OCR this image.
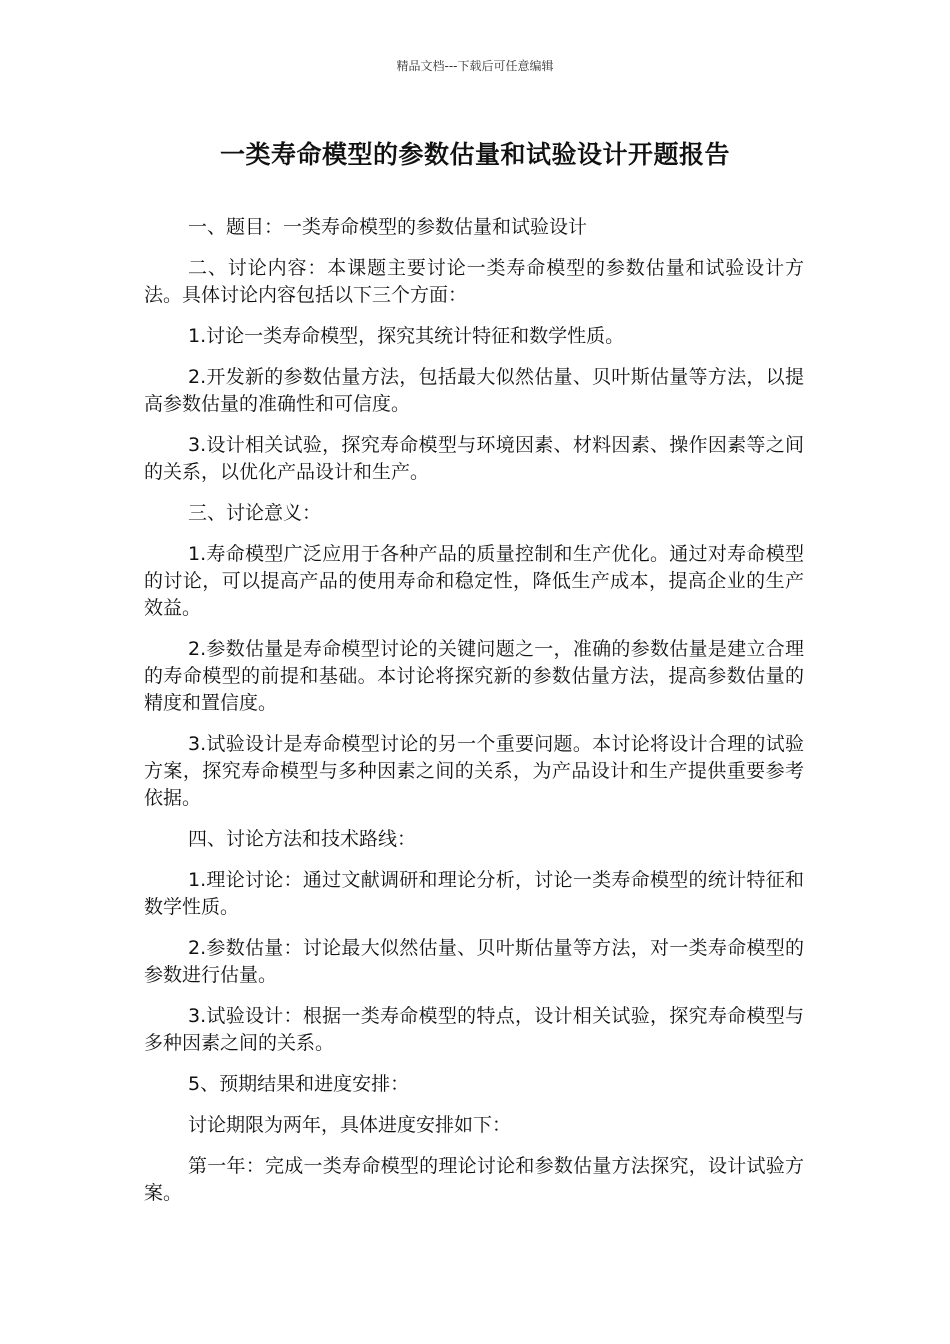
精品文档---下载后可任意编辑
一类寿命模型的参数估量和试验设计开题报告

一、题目：一类寿命模型的参数估量和试验设计

二、讨论内容：本课题主要讨论一类寿命模型的参数估量和试验设计方法。具体讨论内容包括以下三个方面：

1.讨论一类寿命模型，探究其统计特征和数学性质。

2.开发新的参数估量方法，包括最大似然估量、贝叶斯估量等方法，以提高参数估量的准确性和可信度。

3.设计相关试验，探究寿命模型与环境因素、材料因素、操作因素等之间的关系，以优化产品设计和生产。

三、讨论意义：

1.寿命模型广泛应用于各种产品的质量控制和生产优化。通过对寿命模型的讨论，可以提高产品的使用寿命和稳定性，降低生产成本，提高企业的生产效益。

2.参数估量是寿命模型讨论的关键问题之一，准确的参数估量是建立合理的寿命模型的前提和基础。本讨论将探究新的参数估量方法，提高参数估量的精度和置信度。

3.试验设计是寿命模型讨论的另一个重要问题。本讨论将设计合理的试验方案，探究寿命模型与多种因素之间的关系，为产品设计和生产提供重要参考依据。

四、讨论方法和技术路线：

1.理论讨论：通过文献调研和理论分析，讨论一类寿命模型的统计特征和数学性质。

2.参数估量：讨论最大似然估量、贝叶斯估量等方法，对一类寿命模型的参数进行估量。

3.试验设计：根据一类寿命模型的特点，设计相关试验，探究寿命模型与多种因素之间的关系。

5、预期结果和进度安排：

讨论期限为两年，具体进度安排如下：

第一年：完成一类寿命模型的理论讨论和参数估量方法探究，设计试验方案。
